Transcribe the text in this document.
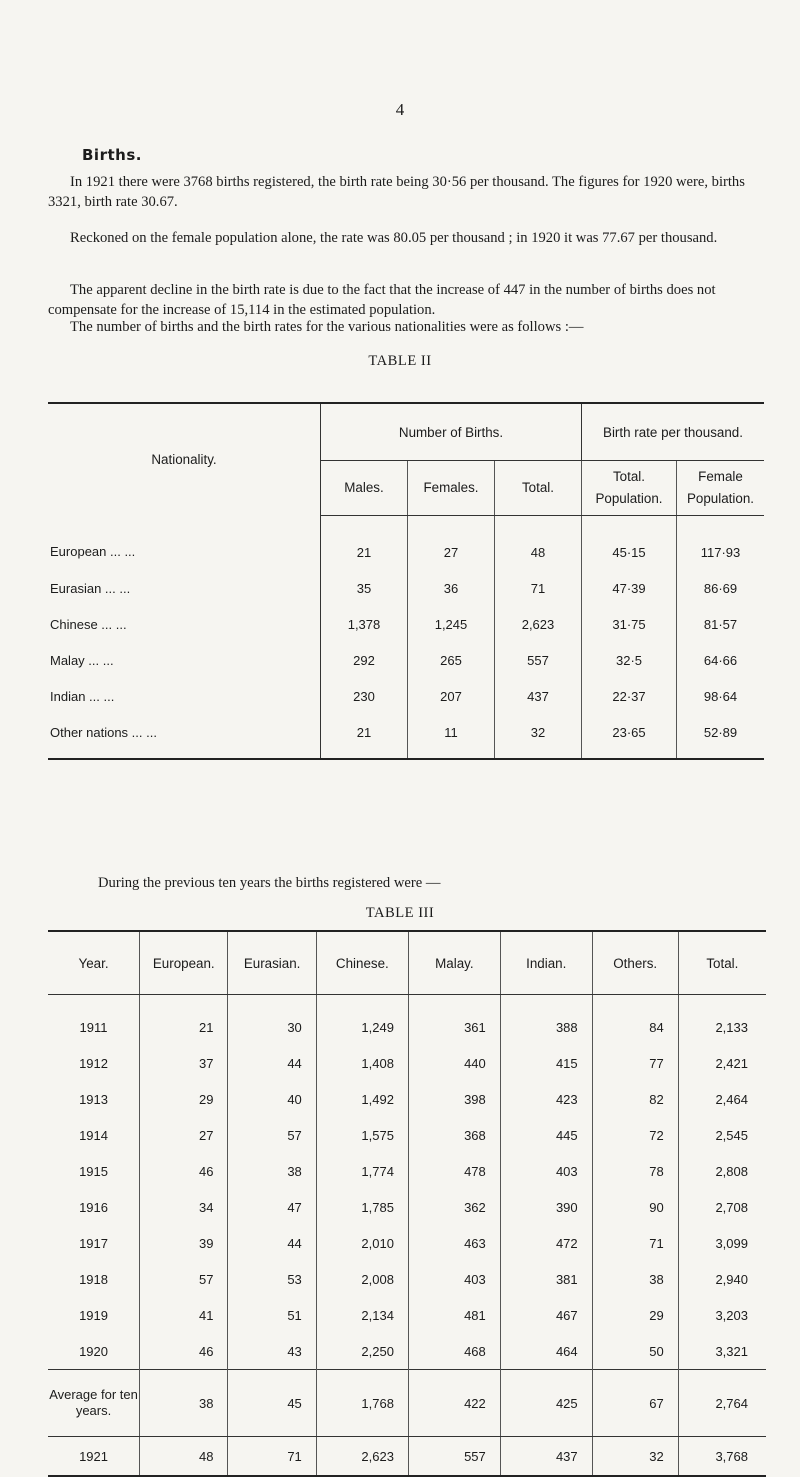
4
Births.
In 1921 there were 3768 births registered, the birth rate being 30·56 per thousand. The figures for 1920 were, births 3321, birth rate 30.67.
Reckoned on the female population alone, the rate was 80.05 per thousand ; in 1920 it was 77.67 per thousand.
The apparent decline in the birth rate is due to the fact that the increase of 447 in the number of births does not compensate for the increase of 15,114 in the estimated population.
The number of births and the birth rates for the various nationalities were as follows :—
TABLE II
Nationality.	Number of Births.			Birth rate per thousand.	
	Males.	Females.	Total.	Total. Population.	Female Population.
European ... ...	21	27	48	45·15	117·93
Eurasian ... ...	35	36	71	47·39	86·69
Chinese ... ...	1,378	1,245	2,623	31·75	81·57
Malay ... ...	292	265	557	32·5	64·66
Indian ... ...	230	207	437	22·37	98·64
Other nations ... ...	21	11	32	23·65	52·89
During the previous ten years the births registered were —
TABLE III
Year.	European.	Eurasian.	Chinese.	Malay.	Indian.	Others.	Total.
1911	21	30	1,249	361	388	84	2,133
1912	37	44	1,408	440	415	77	2,421
1913	29	40	1,492	398	423	82	2,464
1914	27	57	1,575	368	445	72	2,545
1915	46	38	1,774	478	403	78	2,808
1916	34	47	1,785	362	390	90	2,708
1917	39	44	2,010	463	472	71	3,099
1918	57	53	2,008	403	381	38	2,940
1919	41	51	2,134	481	467	29	3,203
1920	46	43	2,250	468	464	50	3,321
Average for ten years.	38	45	1,768	422	425	67	2,764
1921	48	71	2,623	557	437	32	3,768
